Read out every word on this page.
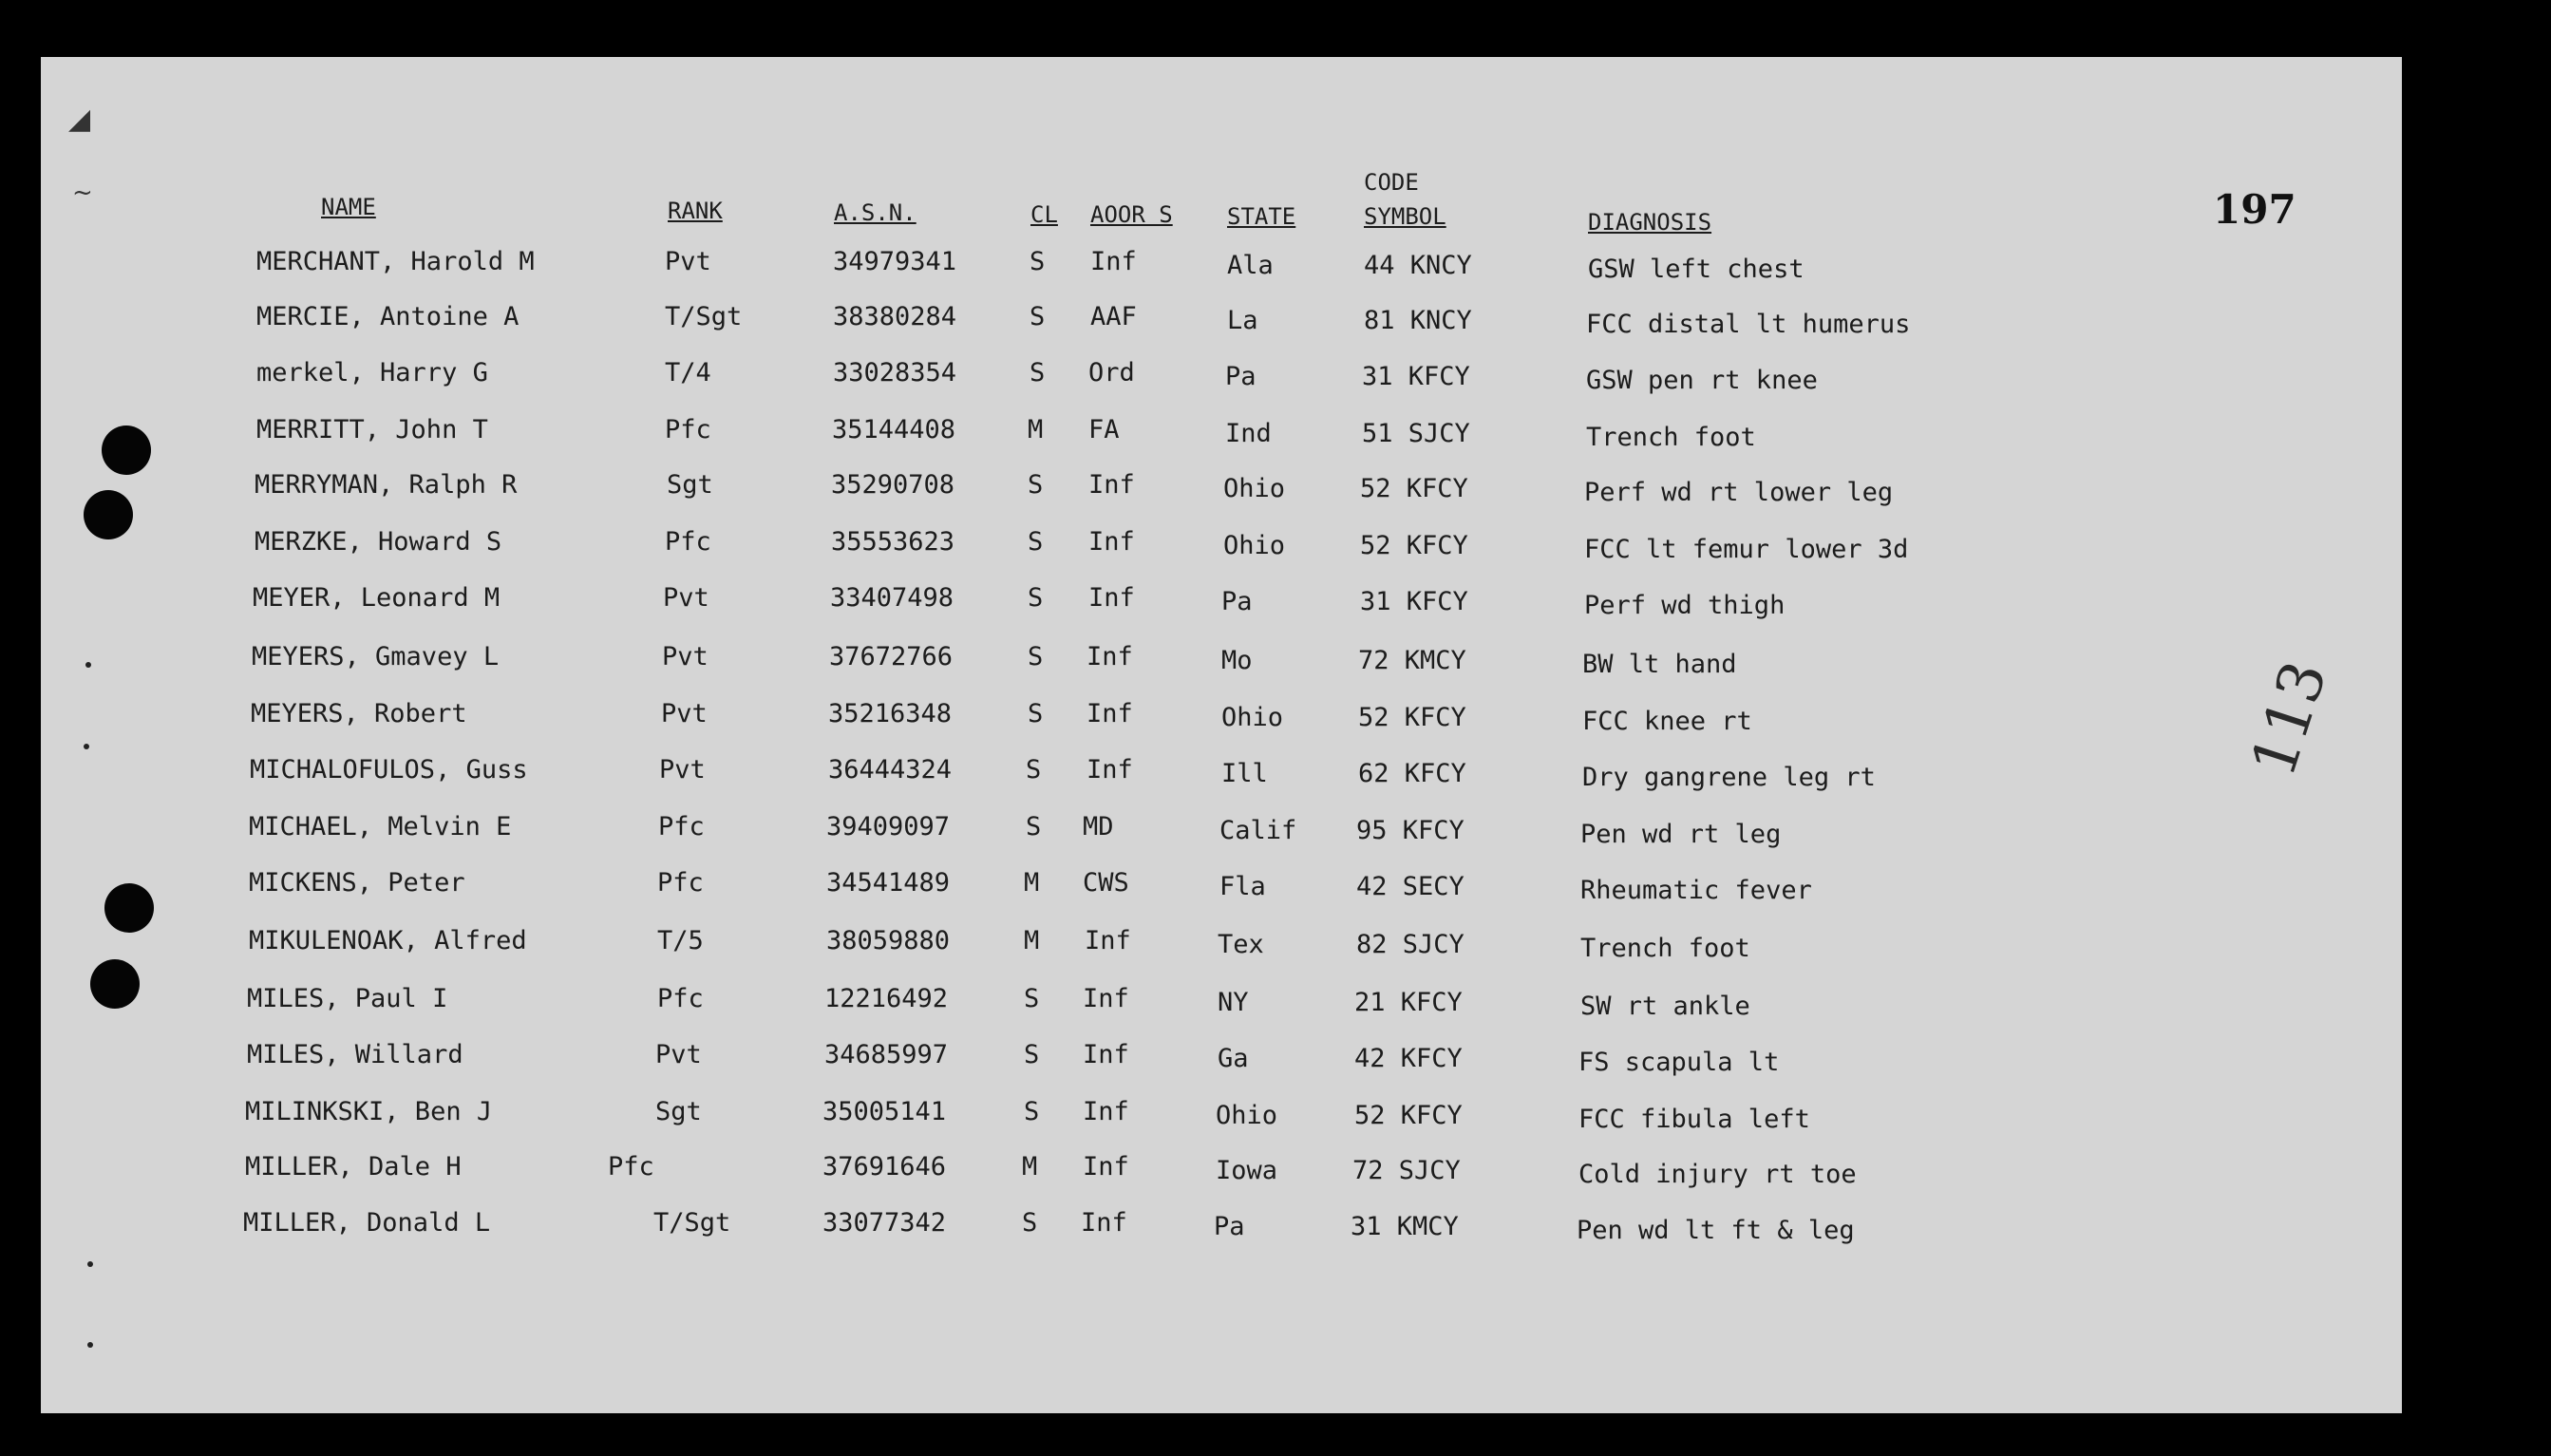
◢
~	197
113
NAME	RANK	A.S.N.	CL AOOR S STATE
CODE
SYMBOL	DIAGNOSIS
MERCHANT, Harold M	Pvt	34979341	S Inf	Ala	44 KNCY	GSW left chest
MERCIE, Antoine A	T/Sgt	38380284	S AAF	La	81 KNCY	FCC distal lt humerus
merkel, Harry G	T/4	33028354	S Ord	Pa	31 KFCY	GSW pen rt knee
MERRITT, John T	Pfc	35144408	M FA	Ind	51 SJCY	Trench foot
MERRYMAN, Ralph R	Sgt	35290708	S Inf	Ohio	52 KFCY	Perf wd rt lower leg
MERZKE, Howard S	Pfc	35553623	S Inf	Ohio	52 KFCY	FCC lt femur lower 3d
MEYER, Leonard M	Pvt	33407498	S Inf	Pa	31 KFCY	Perf wd thigh
MEYERS, Gmavey L	Pvt	37672766	S Inf	Mo	72 KMCY	BW lt hand
MEYERS, Robert	Pvt	35216348	S Inf	Ohio	52 KFCY	FCC knee rt
MICHALOFULOS, Guss	Pvt	36444324	S Inf	Ill	62 KFCY	Dry gangrene leg rt
MICHAEL, Melvin E	Pfc	39409097	S MD	Calif 95 KFCY	Pen wd rt leg
MICKENS, Peter	Pfc	34541489	M CWS	Fla	42 SECY	Rheumatic fever
MIKULENOAK, Alfred	T/5	38059880	M Inf	Tex	82 SJCY	Trench foot
MILES, Paul I	Pfc	12216492	S Inf	NY	21 KFCY	SW rt ankle
MILES, Willard	Pvt	34685997	S Inf	Ga	42 KFCY	FS scapula lt
MILINKSKI, Ben J	Sgt	35005141	S Inf	Ohio	52 KFCY	FCC fibula left
MILLER, Dale H	Pfc	37691646	M Inf	Iowa	72 SJCY	Cold injury rt toe
MILLER, Donald L	T/Sgt	33077342	S Inf	Pa	31 KMCY	Pen wd lt ft & leg
